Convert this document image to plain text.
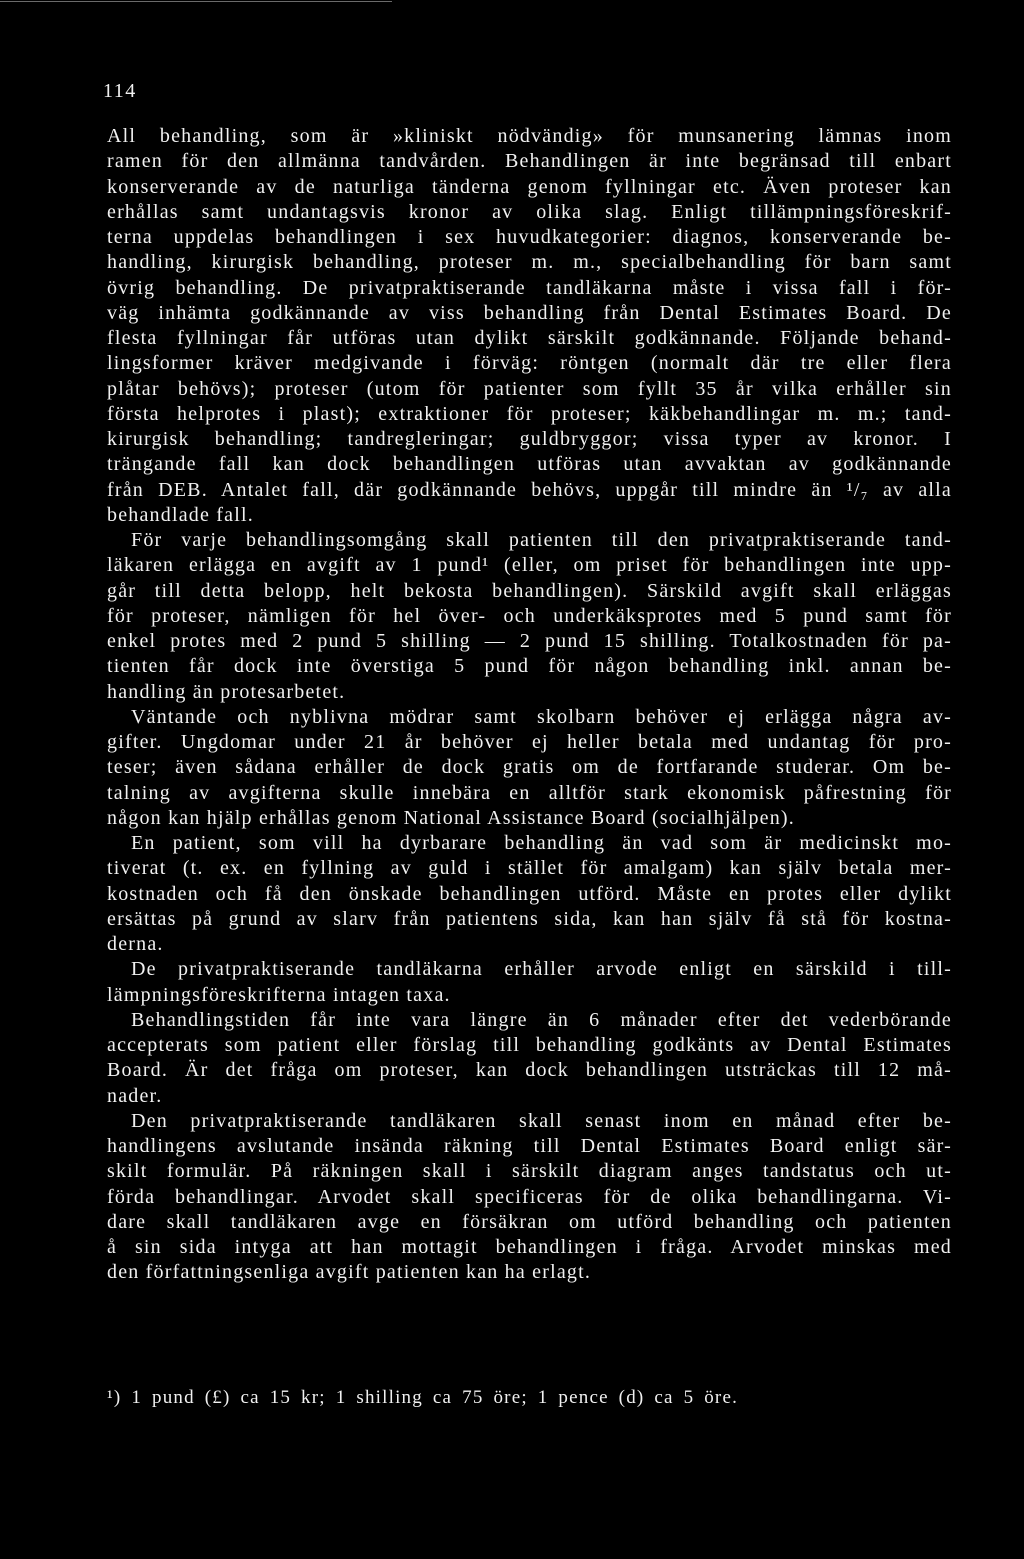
114
All behandling, som är »kliniskt nödvändig» för munsanering lämnas inom
ramen för den allmänna tandvården. Behandlingen är inte begränsad till enbart
konserverande av de naturliga tänderna genom fyllningar etc. Även proteser kan
erhållas samt undantagsvis kronor av olika slag. Enligt tillämpningsföreskrif-
terna uppdelas behandlingen i sex huvudkategorier: diagnos, konserverande be-
handling, kirurgisk behandling, proteser m. m., specialbehandling för barn samt
övrig behandling. De privatpraktiserande tandläkarna måste i vissa fall i för-
väg inhämta godkännande av viss behandling från Dental Estimates Board. De
flesta fyllningar får utföras utan dylikt särskilt godkännande. Följande behand-
lingsformer kräver medgivande i förväg: röntgen (normalt där tre eller flera
plåtar behövs); proteser (utom för patienter som fyllt 35 år vilka erhåller sin
första helprotes i plast); extraktioner för proteser; käkbehandlingar m. m.; tand-
kirurgisk behandling; tandregleringar; guldbryggor; vissa typer av kronor. I
trängande fall kan dock behandlingen utföras utan avvaktan av godkännande
från DEB. Antalet fall, där godkännande behövs, uppgår till mindre än ¹/₇ av alla
behandlade fall.
För varje behandlingsomgång skall patienten till den privatpraktiserande tand-
läkaren erlägga en avgift av 1 pund¹ (eller, om priset för behandlingen inte upp-
går till detta belopp, helt bekosta behandlingen). Särskild avgift skall erläggas
för proteser, nämligen för hel över- och underkäksprotes med 5 pund samt för
enkel protes med 2 pund 5 shilling — 2 pund 15 shilling. Totalkostnaden för pa-
tienten får dock inte överstiga 5 pund för någon behandling inkl. annan be-
handling än protesarbetet.
Väntande och nyblivna mödrar samt skolbarn behöver ej erlägga några av-
gifter. Ungdomar under 21 år behöver ej heller betala med undantag för pro-
teser; även sådana erhåller de dock gratis om de fortfarande studerar. Om be-
talning av avgifterna skulle innebära en alltför stark ekonomisk påfrestning för
någon kan hjälp erhållas genom National Assistance Board (socialhjälpen).
En patient, som vill ha dyrbarare behandling än vad som är medicinskt mo-
tiverat (t. ex. en fyllning av guld i stället för amalgam) kan själv betala mer-
kostnaden och få den önskade behandlingen utförd. Måste en protes eller dylikt
ersättas på grund av slarv från patientens sida, kan han själv få stå för kostna-
derna.
De privatpraktiserande tandläkarna erhåller arvode enligt en särskild i till-
lämpningsföreskrifterna intagen taxa.
Behandlingstiden får inte vara längre än 6 månader efter det vederbörande
accepterats som patient eller förslag till behandling godkänts av Dental Estimates
Board. Är det fråga om proteser, kan dock behandlingen utsträckas till 12 må-
nader.
Den privatpraktiserande tandläkaren skall senast inom en månad efter be-
handlingens avslutande insända räkning till Dental Estimates Board enligt sär-
skilt formulär. På räkningen skall i särskilt diagram anges tandstatus och ut-
förda behandlingar. Arvodet skall specificeras för de olika behandlingarna. Vi-
dare skall tandläkaren avge en försäkran om utförd behandling och patienten
å sin sida intyga att han mottagit behandlingen i fråga. Arvodet minskas med
den författningsenliga avgift patienten kan ha erlagt.
¹) 1 pund (£) ca 15 kr; 1 shilling ca 75 öre; 1 pence (d) ca 5 öre.
